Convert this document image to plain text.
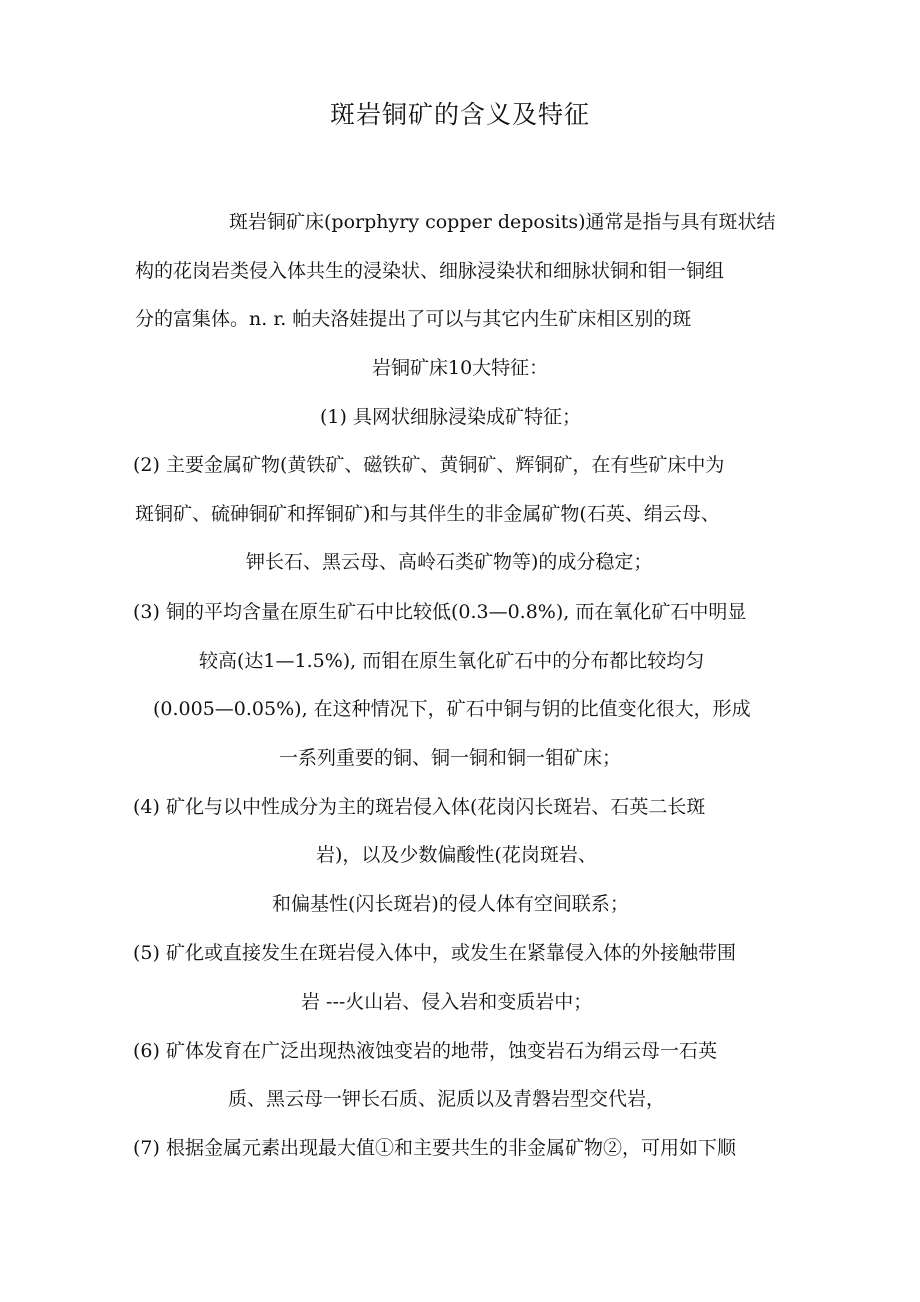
斑岩铜矿的含义及特征
斑岩铜矿床(porphyry copper deposits)通常是指与具有斑状结
构的花岗岩类侵入体共生的浸染状、细脉浸染状和细脉状铜和钼一铜组
分的富集体。n. r. 帕夫洛娃提出了可以与其它内生矿床相区别的斑
岩铜矿床10大特征：
(1) 具网状细脉浸染成矿特征；
(2) 主要金属矿物(黄铁矿、磁铁矿、黄铜矿、辉铜矿，在有些矿床中为
斑铜矿、硫砷铜矿和挥铜矿)和与其伴生的非金属矿物(石英、绢云母、
钾长石、黑云母、高岭石类矿物等)的成分稳定；
(3) 铜的平均含量在原生矿石中比较低(0.3—0.8%), 而在氧化矿石中明显
较高(达1—1.5%), 而钼在原生氧化矿石中的分布都比较均匀
(0.005—0.05%), 在这种情况下，矿石中铜与钥的比值变化很大，形成
一系列重要的铜、铜一铜和铜一钼矿床；
(4) 矿化与以中性成分为主的斑岩侵入体(花岗闪长斑岩、石英二长斑
岩)，以及少数偏酸性(花岗斑岩、
和偏基性(闪长斑岩)的侵人体有空间联系；
(5) 矿化或直接发生在斑岩侵入体中，或发生在紧靠侵入体的外接触带围
岩 ---火山岩、侵入岩和变质岩中；
(6) 矿体发育在广泛出现热液蚀变岩的地带，蚀变岩石为绢云母一石英
质、黑云母一钾长石质、泥质以及青磐岩型交代岩，
(7) 根据金属元素出现最大值①和主要共生的非金属矿物②，可用如下顺
